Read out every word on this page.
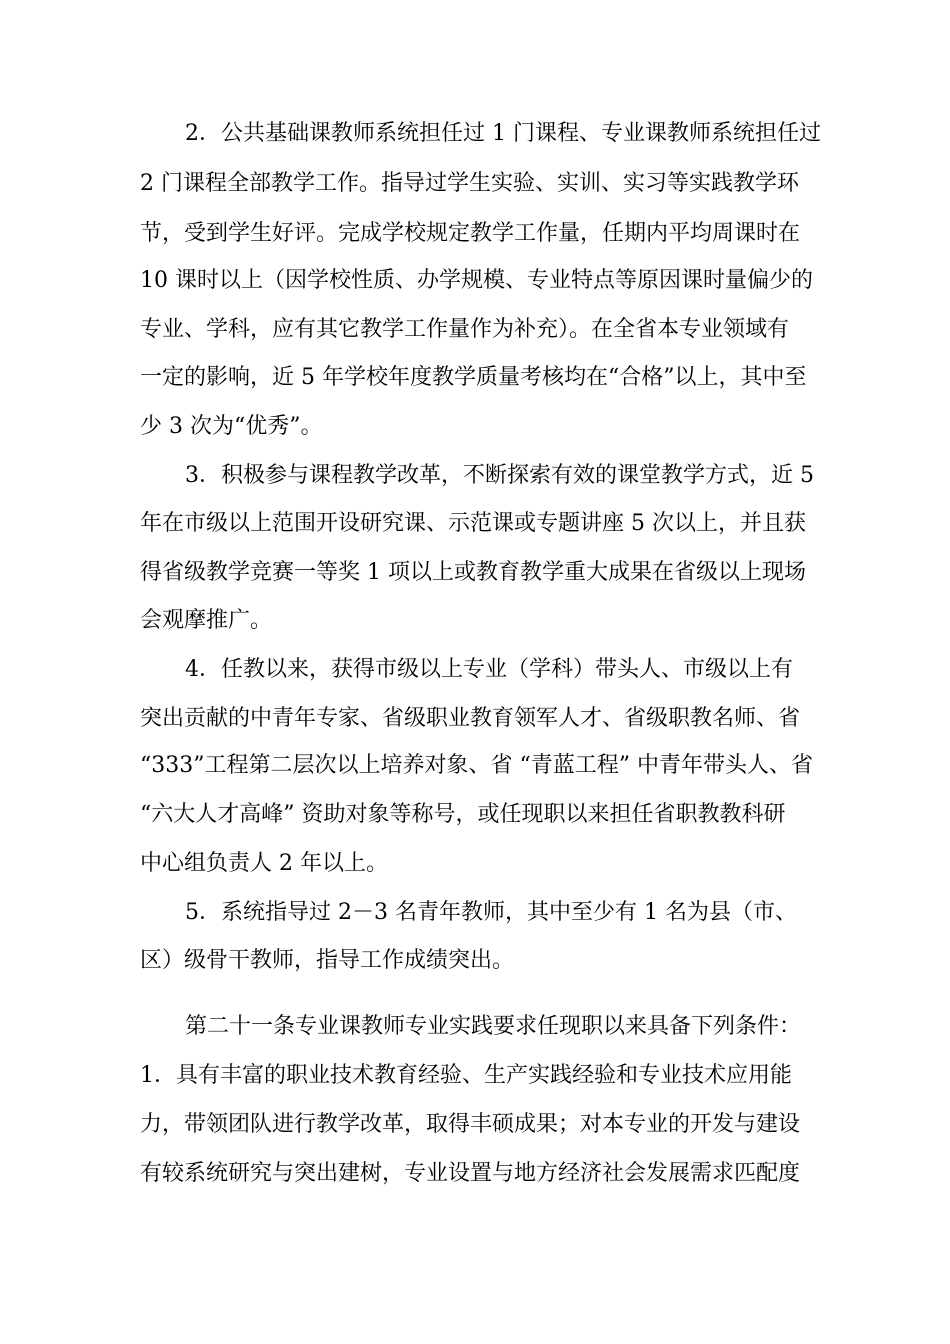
2．公共基础课教师系统担任过 1 门课程、专业课教师系统担任过
2 门课程全部教学工作。指导过学生实验、实训、实习等实践教学环
节，受到学生好评。完成学校规定教学工作量，任期内平均周课时在
10 课时以上（因学校性质、办学规模、专业特点等原因课时量偏少的
专业、学科，应有其它教学工作量作为补充）。在全省本专业领域有
一定的影响，近 5 年学校年度教学质量考核均在“合格”以上，其中至
少 3 次为“优秀”。
3．积极参与课程教学改革，不断探索有效的课堂教学方式，近 5
年在市级以上范围开设研究课、示范课或专题讲座 5 次以上，并且获
得省级教学竞赛一等奖 1 项以上或教育教学重大成果在省级以上现场
会观摩推广。
4．任教以来，获得市级以上专业（学科）带头人、市级以上有
突出贡献的中青年专家、省级职业教育领军人才、省级职教名师、省
“333”工程第二层次以上培养对象、省 “青蓝工程” 中青年带头人、省
“六大人才高峰” 资助对象等称号，或任现职以来担任省职教教科研
中心组负责人 2 年以上。
5．系统指导过 2－3 名青年教师，其中至少有 1 名为县（市、
区）级骨干教师，指导工作成绩突出。
第二十一条专业课教师专业实践要求任现职以来具备下列条件：
1．具有丰富的职业技术教育经验、生产实践经验和专业技术应用能
力，带领团队进行教学改革，取得丰硕成果；对本专业的开发与建设
有较系统研究与突出建树，专业设置与地方经济社会发展需求匹配度
